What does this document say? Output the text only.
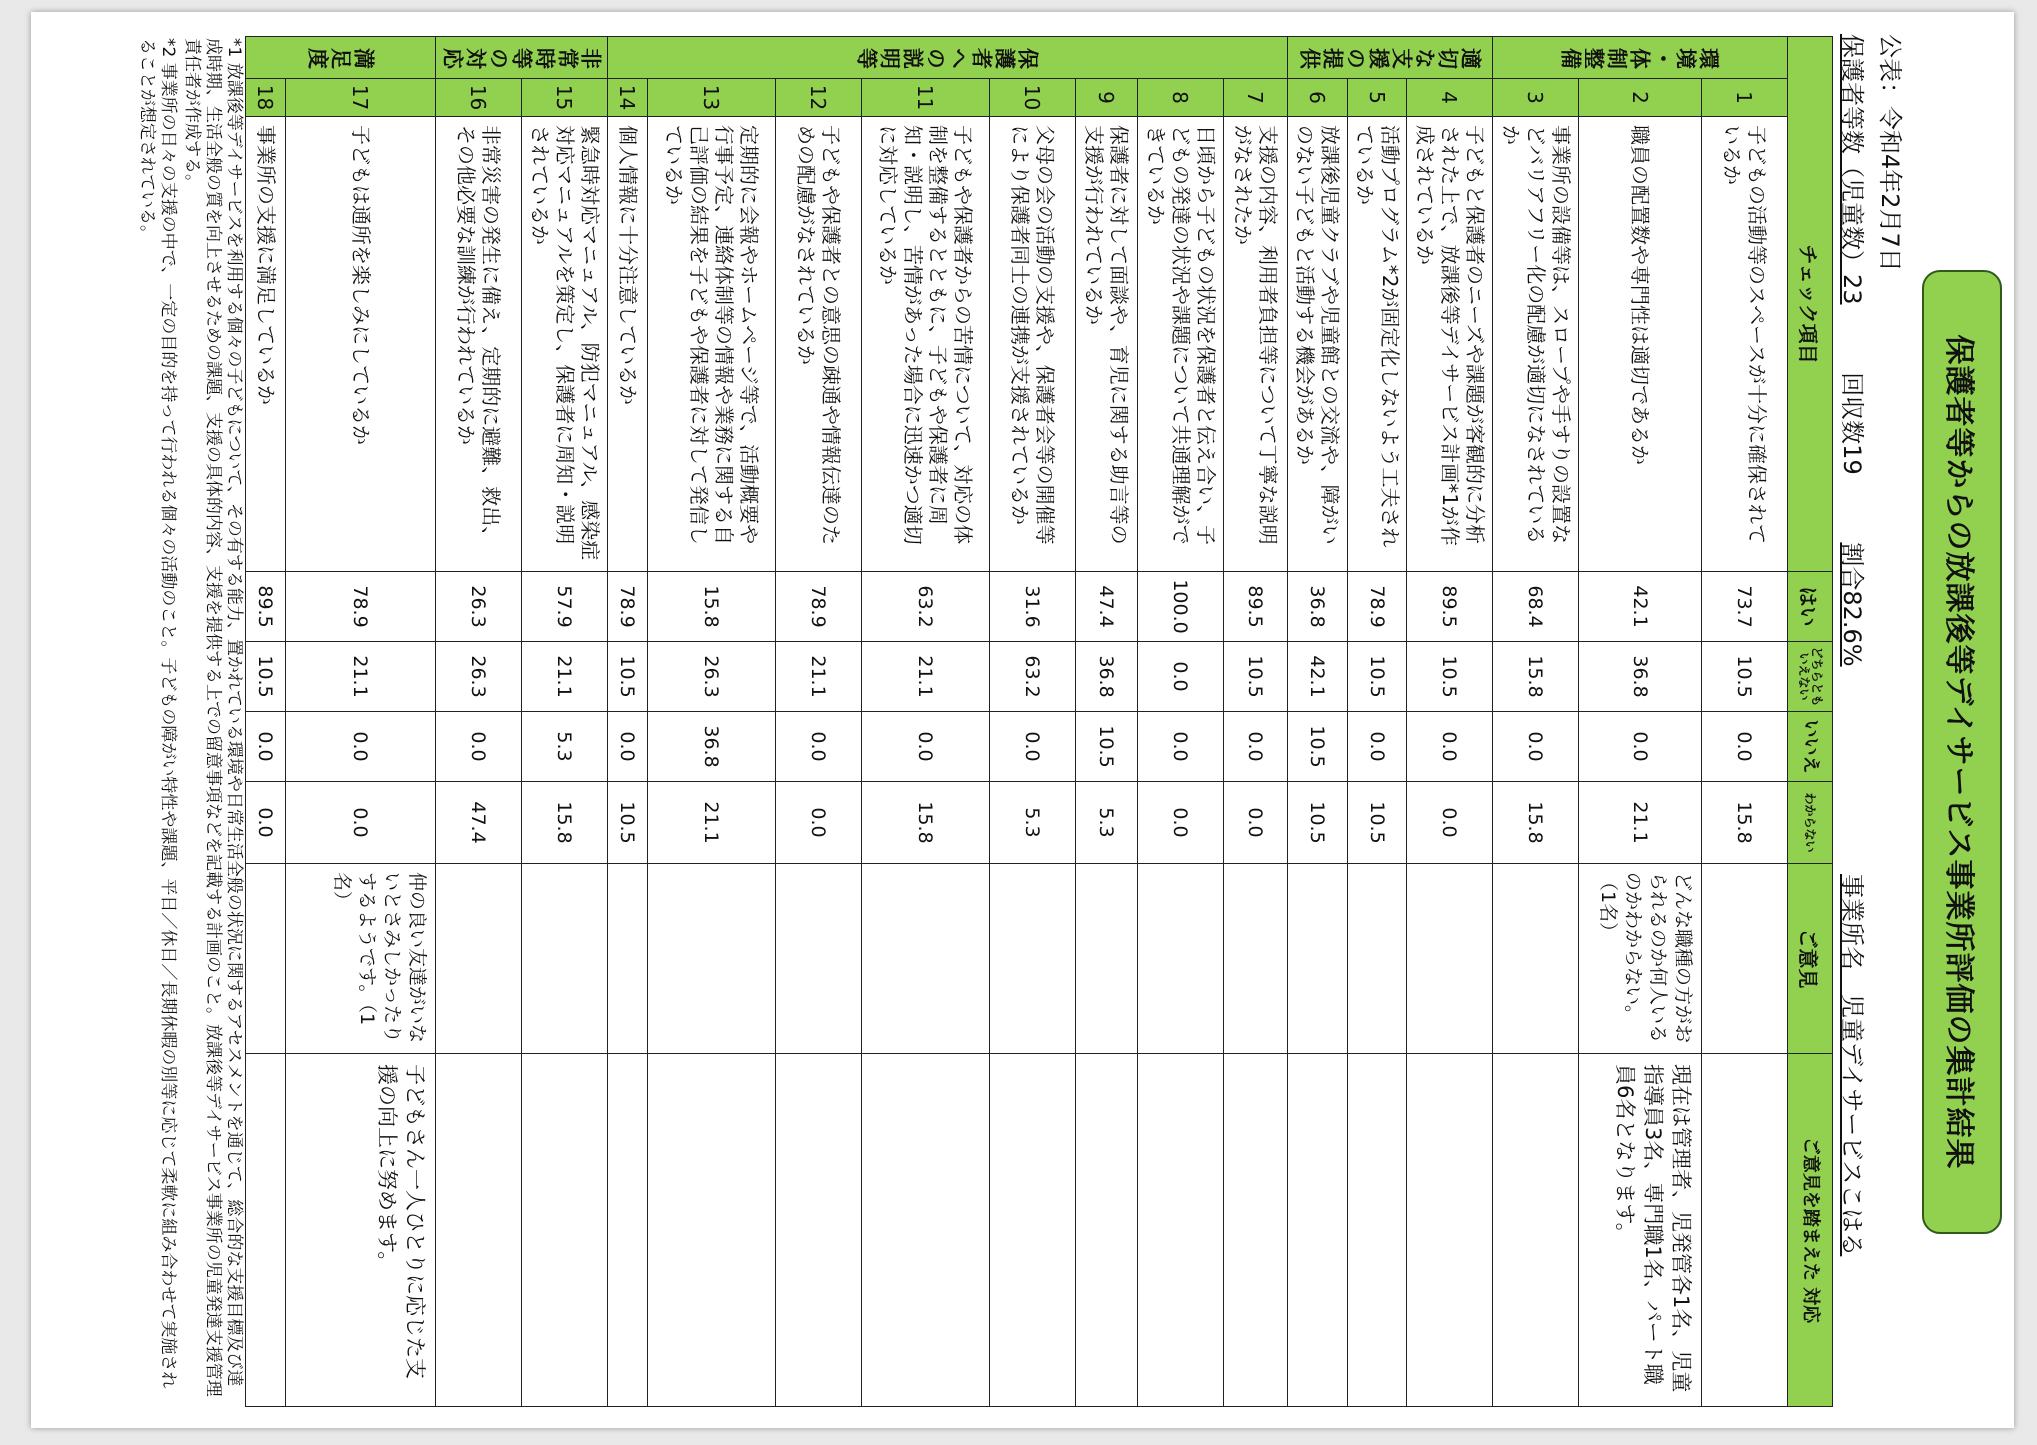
保護者等からの放課後等デイサービス事業所評価の集計結果
公表：令和4年2月7日
保護者等数（児童数）23 回収数19 割合82.6%
事業所名　児童デイサービスこはる
チェック項目			はい	どちらとも いえない	いいえ	わからない	ご意見	ご意見を踏まえた 対応
環境・体制整備	1	子どもの活動等のスペースが十分に確保されているか	73.7	10.5	0.0	15.8		
	2	職員の配置数や専門性は適切であるか	42.1	36.8	0.0	21.1	どんな職種の方がおられるのか何人いるのかわからない。（1名）	現在は管理者、児発管各1名、児童指導員3名、専門職1名、パート職員6名となります。
	3	事業所の設備等は、スロープや手すりの設置などバリアフリー化の配慮が適切になされているか	68.4	15.8	0.0	15.8		
適切な支援の提供	4	子どもと保護者のニーズや課題が客観的に分析された上で、放課後等デイサービス計画*1が作成されているか	89.5	10.5	0.0	0.0		
	5	活動プログラム*2が固定化しないよう工夫されているか	78.9	10.5	0.0	10.5		
	6	放課後児童クラブや児童館との交流や、障がいのない子どもと活動する機会があるか	36.8	42.1	10.5	10.5		
保護者への説明等	7	支援の内容、利用者負担等について丁寧な説明がなされたか	89.5	10.5	0.0	0.0		
	8	日頃から子どもの状況を保護者と伝え合い、子どもの発達の状況や課題について共通理解ができているか	100.0	0.0	0.0	0.0		
	9	保護者に対して面談や、育児に関する助言等の支援が行われているか	47.4	36.8	10.5	5.3		
	10	父母の会の活動の支援や、保護者会等の開催等により保護者同士の連携が支援されているか	31.6	63.2	0.0	5.3		
	11	子どもや保護者からの苦情について、対応の体制を整備するとともに、子どもや保護者に周知・説明し、苦情があった場合に迅速かつ適切に対応しているか	63.2	21.1	0.0	15.8		
	12	子どもや保護者との意思の疎通や情報伝達のための配慮がなされているか	78.9	21.1	0.0	0.0		
	13	定期的に会報やホームページ等で、活動概要や行事予定、連絡体制等の情報や業務に関する自己評価の結果を子どもや保護者に対して発信しているか	15.8	26.3	36.8	21.1		
	14	個人情報に十分注意しているか	78.9	10.5	0.0	10.5		
非常時等の対応	15	緊急時対応マニュアル、防犯マニュアル、感染症対応マニュアルを策定し、保護者に周知・説明されているか	57.9	21.1	5.3	15.8		
	16	非常災害の発生に備え、定期的に避難、救出、その他必要な訓練が行われているか	26.3	26.3	0.0	47.4		
満足度	17	子どもは通所を楽しみにしているか	78.9	21.1	0.0	0.0	仲の良い友達がいないとさみしかったりするようです。（1名）	子どもさん一人ひとりに応じた支援の向上に努めます。
	18	事業所の支援に満足しているか	89.5	10.5	0.0	0.0		
*1 放課後等デイサービスを利用する個々の子どもについて、その有する能力、置かれている環境や日常生活全般の状況に関するアセスメントを通じて、総合的な支援目標及び達成時期、生活全般の質を向上させるための課題、支援の具体的内容、支援を提供する上での留意事項などを記載する計画のこと。放課後等デイサービス事業所の児童発達支援管理責任者が作成する。
*2 事業所の日々の支援の中で、一定の目的を持って行われる個々の活動のこと。子どもの障がい特性や課題、平日／休日／長期休暇の別等に応じて柔軟に組み合わせて実施されることが想定されている。
